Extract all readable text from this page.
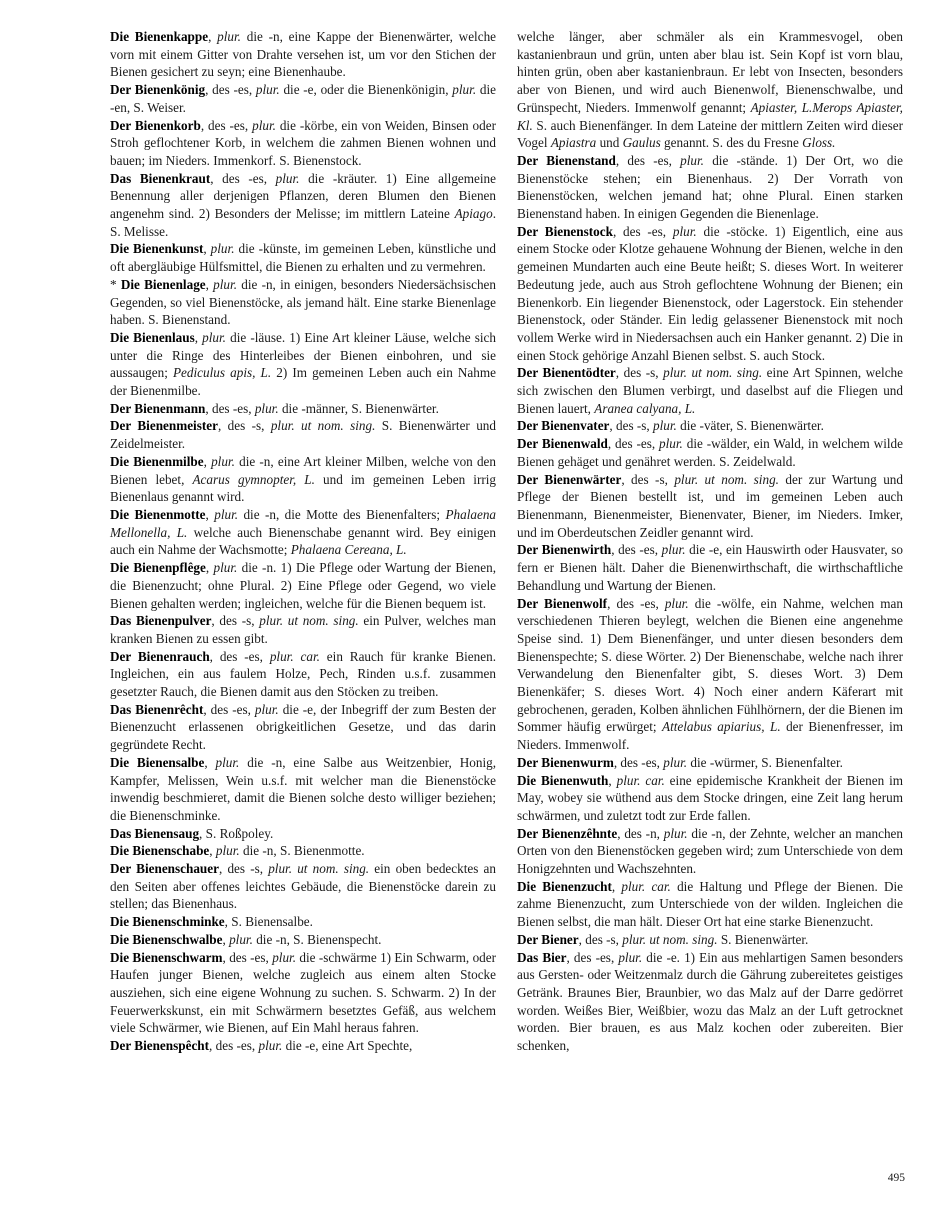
Die Bienenkappe, plur. die -n, eine Kappe der Bienenwärter, welche vorn mit einem Gitter von Drahte versehen ist, um vor den Stichen der Bienen gesichert zu seyn; eine Bienenhaube.

Der Bienenkönig, des -es, plur. die -e, oder die Bienenkönigin, plur. die -en, S. Weiser.

Der Bienenkorb, des -es, plur. die -körbe, ein von Weiden, Binsen oder Stroh geflochtener Korb, in welchem die zahmen Bienen wohnen und bauen; im Nieders. Immenkorf. S. Bienenstock.

Das Bienenkraut, des -es, plur. die -kräuter. 1) Eine allgemeine Benennung aller derjenigen Pflanzen, deren Blumen den Bienen angenehm sind. 2) Besonders der Melisse; im mittlern Lateine Apiago. S. Melisse.

Die Bienenkunst, plur. die -künste, im gemeinen Leben, künstliche und oft abergläubige Hülfsmittel, die Bienen zu erhalten und zu vermehren.

* Die Bienenlage, plur. die -n, in einigen, besonders Niedersächsischen Gegenden, so viel Bienenstöcke, als jemand hält. Eine starke Bienenlage haben. S. Bienenstand.

Die Bienenlaus, plur. die -läuse. 1) Eine Art kleiner Läuse, welche sich unter die Ringe des Hinterleibes der Bienen einbohren, und sie aussaugen; Pediculus apis, L. 2) Im gemeinen Leben auch ein Nahme der Bienenmilbe.

Der Bienenmann, des -es, plur. die -männer, S. Bienenwärter.

Der Bienenmeister, des -s, plur. ut nom. sing. S. Bienenwärter und Zeidelmeister.

Die Bienenmilbe, plur. die -n, eine Art kleiner Milben, welche von den Bienen lebet, Acarus gymnopter, L. und im gemeinen Leben irrig Bienenlaus genannt wird.

Die Bienenmotte, plur. die -n, die Motte des Bienenfalters; Phalaena Mellonella, L. welche auch Bienenschabe genannt wird. Bey einigen auch ein Nahme der Wachsmotte; Phalaena Cereana, L.

Die Bienenpflêge, plur. die -n. 1) Die Pflege oder Wartung der Bienen, die Bienenzucht; ohne Plural. 2) Eine Pflege oder Gegend, wo viele Bienen gehalten werden; ingleichen, welche für die Bienen bequem ist.

Das Bienenpulver, des -s, plur. ut nom. sing. ein Pulver, welches man kranken Bienen zu essen gibt.

Der Bienenrauch, des -es, plur. car. ein Rauch für kranke Bienen. Ingleichen, ein aus faulem Holze, Pech, Rinden u.s.f. zusammen gesetzter Rauch, die Bienen damit aus den Stöcken zu treiben.

Das Bienenrêcht, des -es, plur. die -e, der Inbegriff der zum Besten der Bienenzucht erlassenen obrigkeitlichen Gesetze, und das darin gegründete Recht.

Die Bienensalbe, plur. die -n, eine Salbe aus Weitzenbier, Honig, Kampfer, Melissen, Wein u.s.f. mit welcher man die Bienenstöcke inwendig beschmieret, damit die Bienen solche desto williger beziehen; die Bienenschminke.

Das Bienensaug, S. Roßpoley.

Die Bienenschabe, plur. die -n, S. Bienenmotte.

Der Bienenschauer, des -s, plur. ut nom. sing. ein oben bedecktes an den Seiten aber offenes leichtes Gebäude, die Bienenstöcke darein zu stellen; das Bienenhaus.

Die Bienenschminke, S. Bienensalbe.

Die Bienenschwalbe, plur. die -n, S. Bienenspecht.

Die Bienenschwarm, des -es, plur. die -schwärme 1) Ein Schwarm, oder Haufen junger Bienen, welche zugleich aus einem alten Stocke ausziehen, sich eine eigene Wohnung zu suchen. S. Schwarm. 2) In der Feuerwerkskunst, ein mit Schwärmern besetztes Gefäß, aus welchem viele Schwärmer, wie Bienen, auf Ein Mahl heraus fahren.

Der Bienenspêcht, des -es, plur. die -e, eine Art Spechte,

welche länger, aber schmäler als ein Krammesvogel, oben kastanienbraun und grün, unten aber blau ist. Sein Kopf ist vorn blau, hinten grün, oben aber kastanienbraun. Er lebt von Insecten, besonders aber von Bienen, und wird auch Bienenwolf, Bienenschwalbe, und Grünspecht, Nieders. Immenwolf genannt; Apiaster, L.Merops Apiaster, Kl. S. auch Bienenfänger. In dem Lateine der mittlern Zeiten wird dieser Vogel Apiastra und Gaulus genannt. S. des du Fresne Gloss.

Der Bienenstand, des -es, plur. die -stände. 1) Der Ort, wo die Bienenstöcke stehen; ein Bienenhaus. 2) Der Vorrath von Bienenstöcken, welchen jemand hat; ohne Plural. Einen starken Bienenstand haben. In einigen Gegenden die Bienenlage.

Der Bienenstock, des -es, plur. die -stöcke. 1) Eigentlich, eine aus einem Stocke oder Klotze gehauene Wohnung der Bienen, welche in den gemeinen Mundarten auch eine Beute heißt; S. dieses Wort. In weiterer Bedeutung jede, auch aus Stroh geflochtene Wohnung der Bienen; ein Bienenkorb. Ein liegender Bienenstock, oder Lagerstock. Ein stehender Bienenstock, oder Ständer. Ein ledig gelassener Bienenstock mit noch vollem Werke wird in Niedersachsen auch ein Hanker genannt. 2) Die in einen Stock gehörige Anzahl Bienen selbst. S. auch Stock.

Der Bienentödter, des -s, plur. ut nom. sing. eine Art Spinnen, welche sich zwischen den Blumen verbirgt, und daselbst auf die Fliegen und Bienen lauert, Aranea calyana, L.

Der Bienenvater, des -s, plur. die -väter, S. Bienenwärter.

Der Bienenwald, des -es, plur. die -wälder, ein Wald, in welchem wilde Bienen gehäget und genähret werden. S. Zeidelwald.

Der Bienenwärter, des -s, plur. ut nom. sing. der zur Wartung und Pflege der Bienen bestellt ist, und im gemeinen Leben auch Bienenmann, Bienenmeister, Bienenvater, Biener, im Nieders. Imker, und im Oberdeutschen Zeidler genannt wird.

Der Bienenwirth, des -es, plur. die -e, ein Hauswirth oder Hausvater, so fern er Bienen hält. Daher die Bienenwirthschaft, die wirthschaftliche Behandlung und Wartung der Bienen.

Der Bienenwolf, des -es, plur. die -wölfe, ein Nahme, welchen man verschiedenen Thieren beylegt, welchen die Bienen eine angenehme Speise sind. 1) Dem Bienenfänger, und unter diesen besonders dem Bienenspechte; S. diese Wörter. 2) Der Bienenschabe, welche nach ihrer Verwandelung den Bienenfalter gibt, S. dieses Wort. 3) Dem Bienenkäfer; S. dieses Wort. 4) Noch einer andern Käferart mit gebrochenen, geraden, Kolben ähnlichen Fühlhörnern, der die Bienen im Sommer häufig erwürget; Attelabus apiarius, L. der Bienenfresser, im Nieders. Immenwolf.

Der Bienenwurm, des -es, plur. die -würmer, S. Bienenfalter.

Die Bienenwuth, plur. car. eine epidemische Krankheit der Bienen im May, wobey sie wüthend aus dem Stocke dringen, eine Zeit lang herum schwärmen, und zuletzt todt zur Erde fallen.

Der Bienenzêhnte, des -n, plur. die -n, der Zehnte, welcher an manchen Orten von den Bienenstöcken gegeben wird; zum Unterschiede von dem Honigzehnten und Wachszehnten.

Die Bienenzucht, plur. car. die Haltung und Pflege der Bienen. Die zahme Bienenzucht, zum Unterschiede von der wilden. Ingleichen die Bienen selbst, die man hält. Dieser Ort hat eine starke Bienenzucht.

Der Biener, des -s, plur. ut nom. sing. S. Bienenwärter.

Das Bier, des -es, plur. die -e. 1) Ein aus mehlartigen Samen besonders aus Gersten- oder Weitzenmalz durch die Gährung zubereitetes geistiges Getränk. Braunes Bier, Braunbier, wo das Malz auf der Darre gedörret worden. Weißes Bier, Weißbier, wozu das Malz an der Luft getrocknet worden. Bier brauen, es aus Malz kochen oder zubereiten. Bier schenken,

495
